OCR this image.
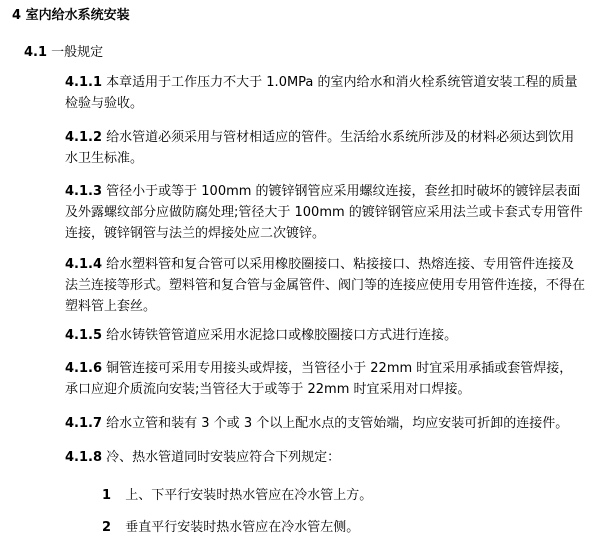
4 室内给水系统安装
4.1 一般规定

4.1.1 本章适用于工作压力不大于 1.0MPa 的室内给水和消火栓系统管道安装工程的质量检验与验收。

4.1.2 给水管道必须采用与管材相适应的管件。生活给水系统所涉及的材料必须达到饮用水卫生标准。

4.1.3 管径小于或等于 100mm 的镀锌钢管应采用螺纹连接，套丝扣时破坏的镀锌层表面及外露螺纹部分应做防腐处理;管径大于 100mm 的镀锌钢管应采用法兰或卡套式专用管件连接，镀锌钢管与法兰的焊接处应二次镀锌。

4.1.4 给水塑料管和复合管可以采用橡胶圈接口、粘接接口、热熔连接、专用管件连接及法兰连接等形式。塑料管和复合管与金属管件、阀门等的连接应使用专用管件连接，不得在塑料管上套丝。

4.1.5 给水铸铁管管道应采用水泥捻口或橡胶圈接口方式进行连接。

4.1.6 铜管连接可采用专用接头或焊接，当管径小于 22mm 时宜采用承插或套管焊接，承口应迎介质流向安装;当管径大于或等于 22mm 时宜采用对口焊接。

4.1.7 给水立管和装有 3 个或 3 个以上配水点的支管始端，均应安装可折卸的连接件。

4.1.8 冷、热水管道同时安装应符合下列规定：

1 上、下平行安装时热水管应在冷水管上方。
2 垂直平行安装时热水管应在冷水管左侧。
